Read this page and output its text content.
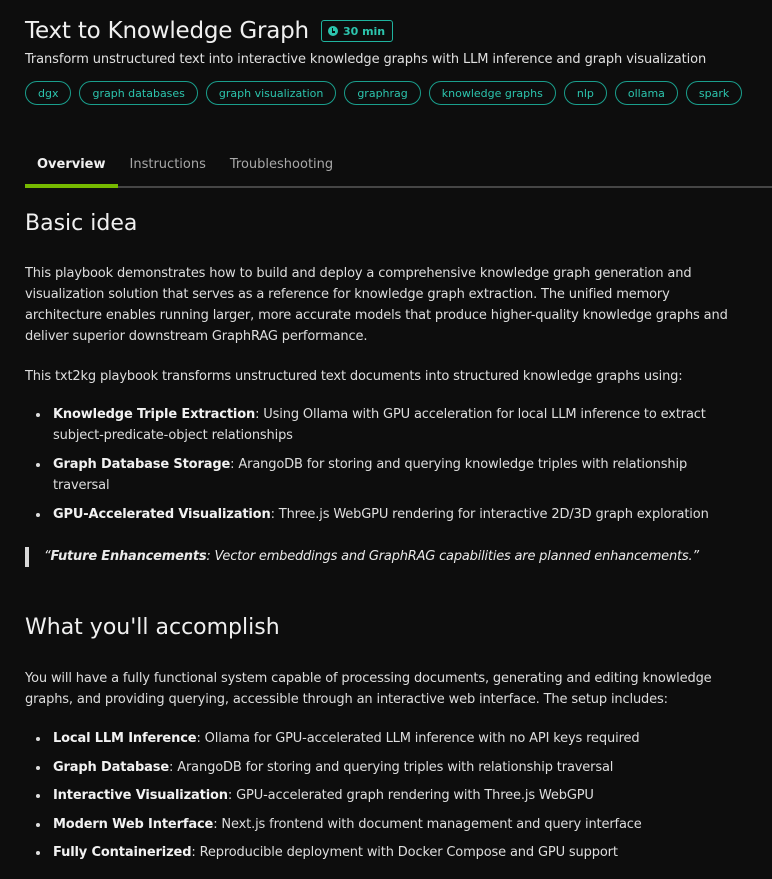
Text to Knowledge Graph	30 min
Transform unstructured text into interactive knowledge graphs with LLM inference and graph visualization
dgx	graph databases	graph visualization	graphrag	knowledge graphs	nlp	ollama	spark
Overview	Instructions	Troubleshooting
Basic idea

This playbook demonstrates how to build and deploy a comprehensive knowledge graph generation and visualization solution that serves as a reference for knowledge graph extraction. The unified memory architecture enables running larger, more accurate models that produce higher-quality knowledge graphs and deliver superior downstream GraphRAG performance.

This txt2kg playbook transforms unstructured text documents into structured knowledge graphs using:

Knowledge Triple Extraction: Using Ollama with GPU acceleration for local LLM inference to extract subject-predicate-object relationships
Graph Database Storage: ArangoDB for storing and querying knowledge triples with relationship traversal
GPU-Accelerated Visualization: Three.js WebGPU rendering for interactive 2D/3D graph exploration
“Future Enhancements: Vector embeddings and GraphRAG capabilities are planned enhancements.”
What you'll accomplish

You will have a fully functional system capable of processing documents, generating and editing knowledge graphs, and providing querying, accessible through an interactive web interface. The setup includes:

Local LLM Inference: Ollama for GPU-accelerated LLM inference with no API keys required
Graph Database: ArangoDB for storing and querying triples with relationship traversal
Interactive Visualization: GPU-accelerated graph rendering with Three.js WebGPU
Modern Web Interface: Next.js frontend with document management and query interface
Fully Containerized: Reproducible deployment with Docker Compose and GPU support
